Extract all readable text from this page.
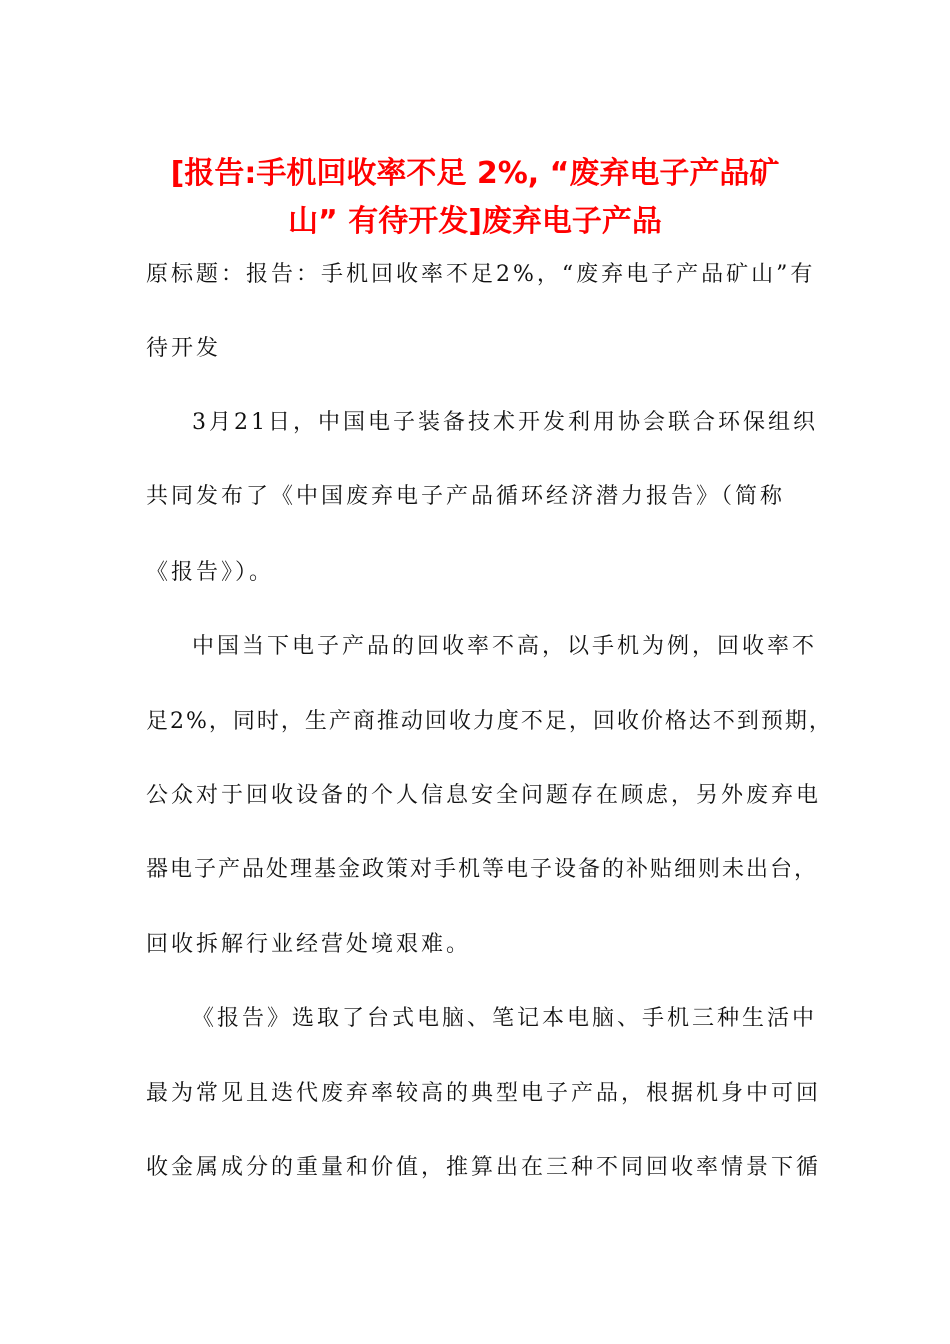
[报告:手机回收率不足 2%, “废弃电子产品矿
山” 有待开发]废弃电子产品

原标题：报告：手机回收率不足2%，“废弃电子产品矿山”有

待开发

3月21日，中国电子装备技术开发利用协会联合环保组织

共同发布了《中国废弃电子产品循环经济潜力报告》（简称

《报告》）。

中国当下电子产品的回收率不高，以手机为例，回收率不

足2%，同时，生产商推动回收力度不足，回收价格达不到预期，

公众对于回收设备的个人信息安全问题存在顾虑，另外废弃电

器电子产品处理基金政策对手机等电子设备的补贴细则未出台，

回收拆解行业经营处境艰难。

《报告》选取了台式电脑、笔记本电脑、手机三种生活中

最为常见且迭代废弃率较高的典型电子产品，根据机身中可回

收金属成分的重量和价值，推算出在三种不同回收率情景下循
